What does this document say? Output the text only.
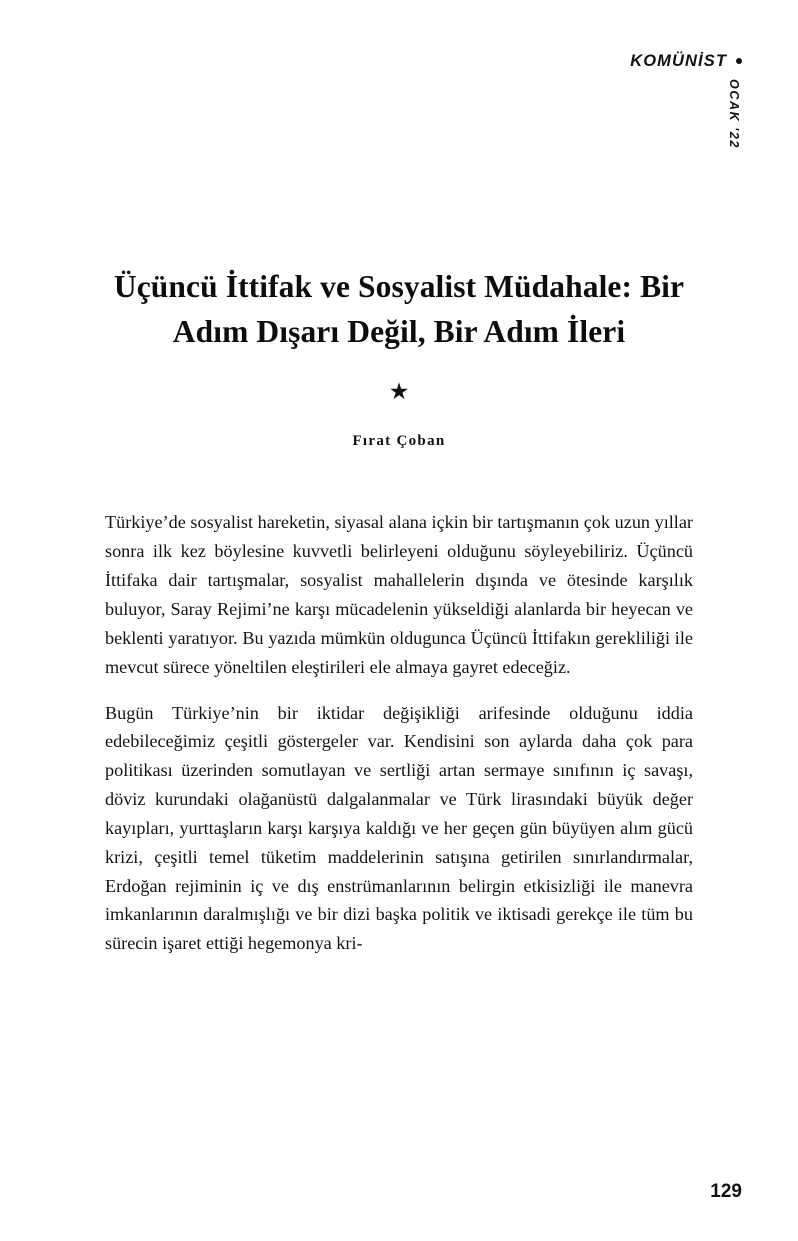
KOMÜNİST
OCAK '22
Üçüncü İttifak ve Sosyalist Müdahale: Bir Adım Dışarı Değil, Bir Adım İleri
★
Fırat Çoban

Türkiye’de sosyalist hareketin, siyasal alana içkin bir tartışmanın çok uzun yıllar sonra ilk kez böylesine kuvvetli belirleyeni olduğunu söyleyebiliriz. Üçüncü İttifaka dair tartışmalar, sosyalist mahallelerin dışında ve ötesinde karşılık buluyor, Saray Rejimi’ne karşı mücadelenin yükseldiği alanlarda bir heyecan ve beklenti yaratıyor. Bu yazıda mümkün oldugunca Üçüncü İttifakın gerekliliği ile mevcut sürece yöneltilen eleştirileri ele almaya gayret edeceğiz.

Bugün Türkiye’nin bir iktidar değişikliği arifesinde olduğunu iddia edebileceğimiz çeşitli göstergeler var. Kendisini son aylarda daha çok para politikası üzerinden somutlayan ve sertliği artan sermaye sınıfının iç savaşı, döviz kurundaki olağanüstü dalgalanmalar ve Türk lirasındaki büyük değer kayıpları, yurttaşların karşı karşıya kaldığı ve her geçen gün büyüyen alım gücü krizi, çeşitli temel tüketim maddelerinin satışına getirilen sınırlandırmalar, Erdoğan rejiminin iç ve dış enstrümanlarının belirgin etkisizliği ile manevra imkanlarının daralmışlığı ve bir dizi başka politik ve iktisadi gerekçe ile tüm bu sürecin işaret ettiği hegemonya kri-

129
